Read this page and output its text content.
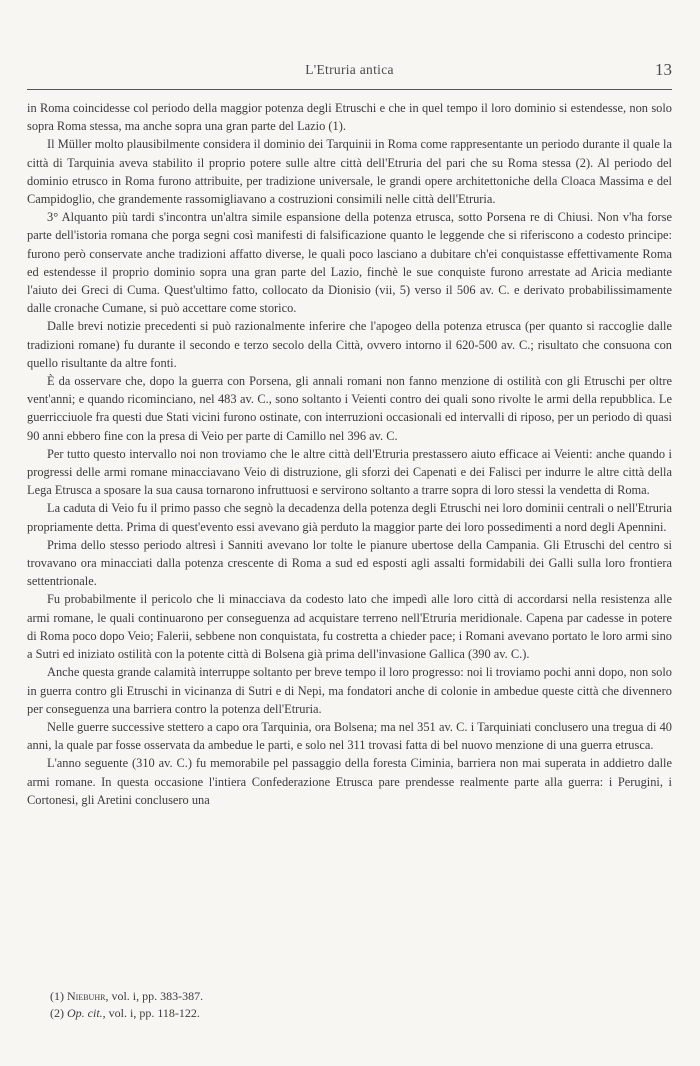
L'Etruria antica	13

in Roma coincidesse col periodo della maggior potenza degli Etruschi e che in quel tempo il loro dominio si estendesse, non solo sopra Roma stessa, ma anche sopra una gran parte del Lazio (1).

Il Müller molto plausibilmente considera il dominio dei Tarquinii in Roma come rappresentante un periodo durante il quale la città di Tarquinia aveva stabilito il proprio potere sulle altre città dell'Etruria del pari che su Roma stessa (2). Al periodo del dominio etrusco in Roma furono attribuite, per tradizione universale, le grandi opere architettoniche della Cloaca Massima e del Campidoglio, che grandemente rassomigliavano a costruzioni consimili nelle città dell'Etruria.

3° Alquanto più tardi s'incontra un'altra simile espansione della potenza etrusca, sotto Porsena re di Chiusi. Non v'ha forse parte dell'istoria romana che porga segni così manifesti di falsificazione quanto le leggende che si riferiscono a codesto principe: furono però conservate anche tradizioni affatto diverse, le quali poco lasciano a dubitare ch'ei conquistasse effettivamente Roma ed estendesse il proprio dominio sopra una gran parte del Lazio, finchè le sue conquiste furono arrestate ad Aricia mediante l'aiuto dei Greci di Cuma. Quest'ultimo fatto, collocato da Dionisio (vii, 5) verso il 506 av. C. e derivato probabilissimamente dalle cronache Cumane, si può accettare come storico.

Dalle brevi notizie precedenti si può razionalmente inferire che l'apogeo della potenza etrusca (per quanto si raccoglie dalle tradizioni romane) fu durante il secondo e terzo secolo della Città, ovvero intorno il 620-500 av. C.; risultato che consuona con quello risultante da altre fonti.

È da osservare che, dopo la guerra con Porsena, gli annali romani non fanno menzione di ostilità con gli Etruschi per oltre vent'anni; e quando ricominciano, nel 483 av. C., sono soltanto i Veienti contro dei quali sono rivolte le armi della repubblica. Le guerricciuole fra questi due Stati vicini furono ostinate, con interruzioni occasionali ed intervalli di riposo, per un periodo di quasi 90 anni ebbero fine con la presa di Veio per parte di Camillo nel 396 av. C.

Per tutto questo intervallo noi non troviamo che le altre città dell'Etruria prestassero aiuto efficace ai Veienti: anche quando i progressi delle armi romane minacciavano Veio di distruzione, gli sforzi dei Capenati e dei Falisci per indurre le altre città della Lega Etrusca a sposare la sua causa tornarono infruttuosi e servirono soltanto a trarre sopra di loro stessi la vendetta di Roma.

La caduta di Veio fu il primo passo che segnò la decadenza della potenza degli Etruschi nei loro dominii centrali o nell'Etruria propriamente detta. Prima di quest'evento essi avevano già perduto la maggior parte dei loro possedimenti a nord degli Apennini.

Prima dello stesso periodo altresì i Sanniti avevano lor tolte le pianure ubertose della Campania. Gli Etruschi del centro si trovavano ora minacciati dalla potenza crescente di Roma a sud ed esposti agli assalti formidabili dei Galli sulla loro frontiera settentrionale.

Fu probabilmente il pericolo che li minacciava da codesto lato che impedì alle loro città di accordarsi nella resistenza alle armi romane, le quali continuarono per conseguenza ad acquistare terreno nell'Etruria meridionale. Capena par cadesse in potere di Roma poco dopo Veio; Falerii, sebbene non conquistata, fu costretta a chieder pace; i Romani avevano portato le loro armi sino a Sutri ed iniziato ostilità con la potente città di Bolsena già prima dell'invasione Gallica (390 av. C.).

Anche questa grande calamità interruppe soltanto per breve tempo il loro progresso: noi li troviamo pochi anni dopo, non solo in guerra contro gli Etruschi in vicinanza di Sutri e di Nepi, ma fondatori anche di colonie in ambedue queste città che divennero per conseguenza una barriera contro la potenza dell'Etruria.

Nelle guerre successive stettero a capo ora Tarquinia, ora Bolsena; ma nel 351 av. C. i Tarquiniati conclusero una tregua di 40 anni, la quale par fosse osservata da ambedue le parti, e solo nel 311 trovasi fatta di bel nuovo menzione di una guerra etrusca.

L'anno seguente (310 av. C.) fu memorabile pel passaggio della foresta Ciminia, barriera non mai superata in addietro dalle armi romane. In questa occasione l'intiera Confederazione Etrusca pare prendesse realmente parte alla guerra: i Perugini, i Cortonesi, gli Aretini conclusero una

(1) Niebuhr, vol. i, pp. 383-387.

(2) Op. cit., vol. i, pp. 118-122.
